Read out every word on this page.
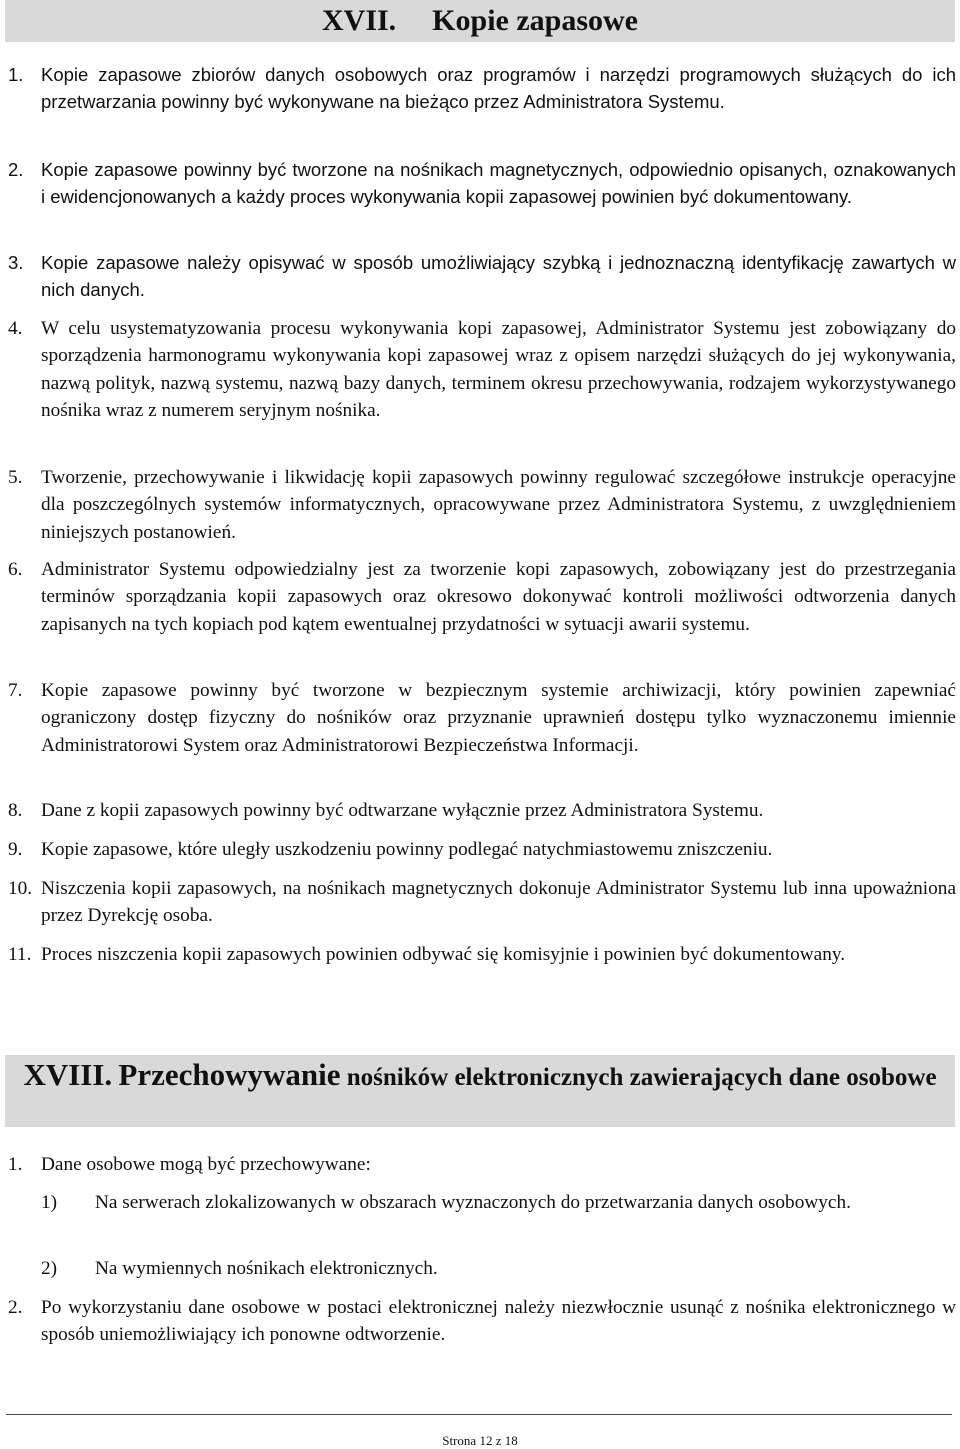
XVII. Kopie zapasowe
1. Kopie zapasowe zbiorów danych osobowych oraz programów i narzędzi programowych służących do ich przetwarzania powinny być wykonywane na bieżąco przez Administratora Systemu.
2. Kopie zapasowe powinny być tworzone na nośnikach magnetycznych, odpowiednio opisanych, oznakowanych i ewidencjonowanych a każdy proces wykonywania kopii zapasowej powinien być dokumentowany.
3. Kopie zapasowe należy opisywać w sposób umożliwiający szybką i jednoznaczną identyfikację zawartych w nich danych.
4. W celu usystematyzowania procesu wykonywania kopi zapasowej, Administrator Systemu jest zobowiązany do sporządzenia harmonogramu wykonywania kopi zapasowej wraz z opisem narzędzi służących do jej wykonywania, nazwą polityk, nazwą systemu, nazwą bazy danych, terminem okresu przechowywania, rodzajem wykorzystywanego nośnika wraz z numerem seryjnym nośnika.
5. Tworzenie, przechowywanie i likwidację kopii zapasowych powinny regulować szczegółowe instrukcje operacyjne dla poszczególnych systemów informatycznych, opracowywane przez Administratora Systemu, z uwzględnieniem niniejszych postanowień.
6. Administrator Systemu odpowiedzialny jest za tworzenie kopi zapasowych, zobowiązany jest do przestrzegania terminów sporządzania kopii zapasowych oraz okresowo dokonywać kontroli możliwości odtworzenia danych zapisanych na tych kopiach pod kątem ewentualnej przydatności w sytuacji awarii systemu.
7. Kopie zapasowe powinny być tworzone w bezpiecznym systemie archiwizacji, który powinien zapewniać ograniczony dostęp fizyczny do nośników oraz przyznanie uprawnień dostępu tylko wyznaczonemu imiennie Administratorowi System oraz Administratorowi Bezpieczeństwa Informacji.
8. Dane z kopii zapasowych powinny być odtwarzane wyłącznie przez Administratora Systemu.
9. Kopie zapasowe, które uległy uszkodzeniu powinny podlegać natychmiastowemu zniszczeniu.
10. Niszczenia kopii zapasowych, na nośnikach magnetycznych dokonuje Administrator Systemu lub inna upoważniona przez Dyrekcję osoba.
11. Proces niszczenia kopii zapasowych powinien odbywać się komisyjnie i powinien być dokumentowany.
XVIII. Przechowywanie nośników elektronicznych zawierających dane osobowe
1. Dane osobowe mogą być przechowywane:
1) Na serwerach zlokalizowanych w obszarach wyznaczonych do przetwarzania danych osobowych.
2) Na wymiennych nośnikach elektronicznych.
2. Po wykorzystaniu dane osobowe w postaci elektronicznej należy niezwłocznie usunąć z nośnika elektronicznego w sposób uniemożliwiający ich ponowne odtworzenie.
Strona 12 z 18
